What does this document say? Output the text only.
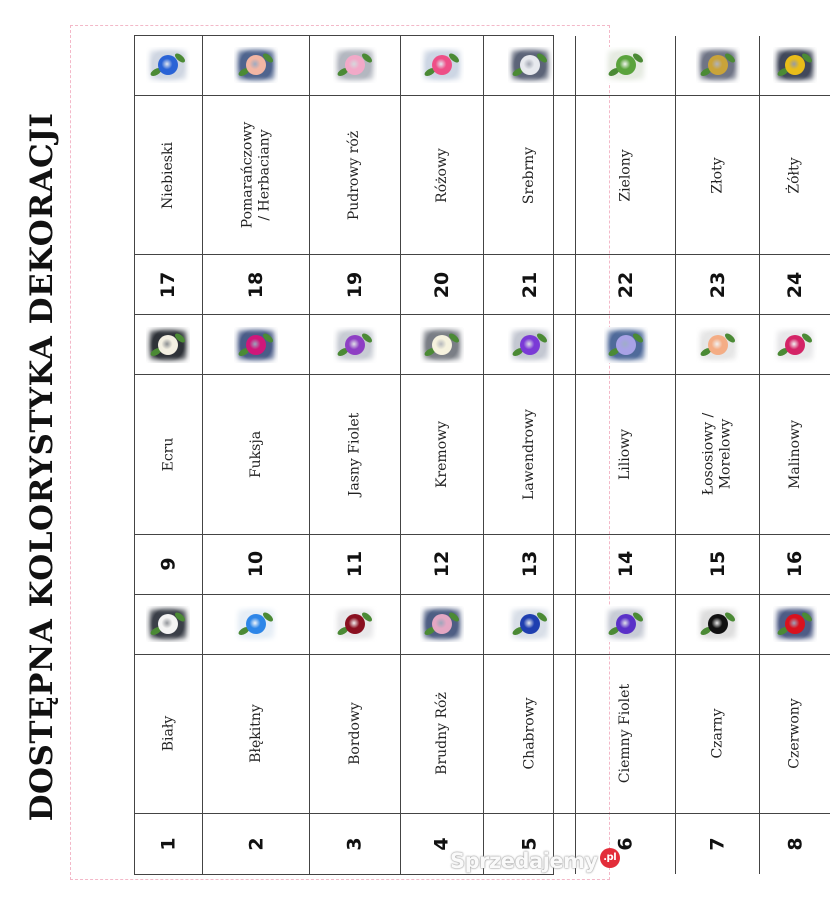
DOSTĘPNA KOLORYSTYKA DEKORACJI
1
Biały
9
Ecru
17
Niebieski
2
Błękitny
10
Fuksja
18
Pomarańczowy
/ Herbaciany
3
Bordowy
11
Jasny Fiolet
19
Pudrowy róż
4
Brudny Róż
12
Kremowy
20
Różowy
5
Chabrowy
13
Lawendrowy
21
Srebrny
6
Ciemny Fiolet
14
Liliowy
22
Zielony
7
Czarny
15
Łososiowy /
Morelowy
23
Złoty
8
Czerwony
16
Malinowy
24
Żółty
Sprzedajemy .pl
